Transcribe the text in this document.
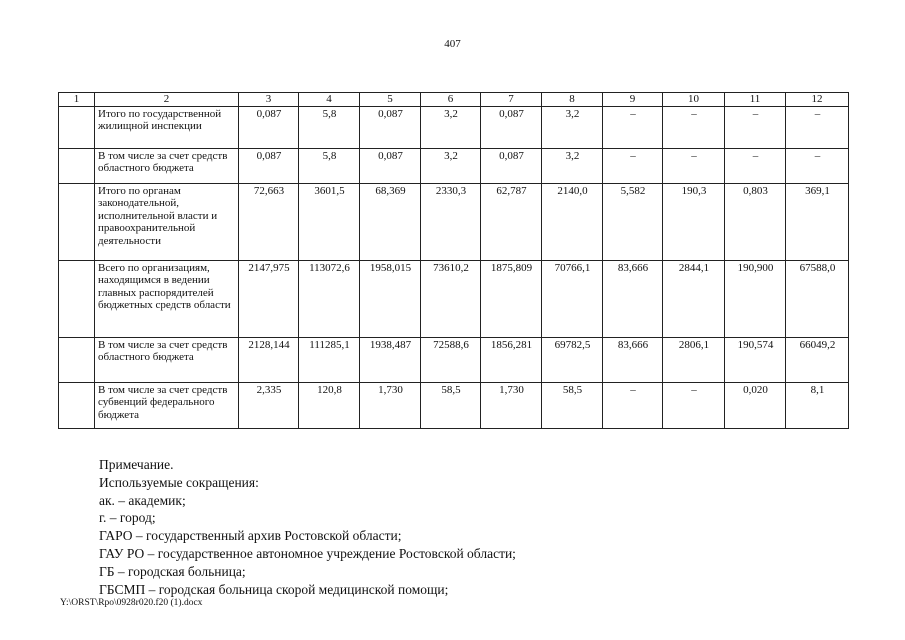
407
1	2	3	4	5	6	7	8	9	10	11	12
	Итого по государственной жилищной инспекции	0,087	5,8	0,087	3,2	0,087	3,2	–	–	–	–
	В том числе за счет средств областного бюджета	0,087	5,8	0,087	3,2	0,087	3,2	–	–	–	–
	Итого по органам законодательной, исполнительной власти и правоохранительной деятельности	72,663	3601,5	68,369	2330,3	62,787	2140,0	5,582	190,3	0,803	369,1
	Всего по организациям, находящимся в ведении главных распорядителей бюджетных средств области	2147,975	113072,6	1958,015	73610,2	1875,809	70766,1	83,666	2844,1	190,900	67588,0
	В том числе за счет средств областного бюджета	2128,144	111285,1	1938,487	72588,6	1856,281	69782,5	83,666	2806,1	190,574	66049,2
	В том числе за счет средств субвенций федерального бюджета	2,335	120,8	1,730	58,5	1,730	58,5	–	–	0,020	8,1
Примечание.
Используемые сокращения:
ак. – академик;
г. – город;
ГАРО – государственный архив Ростовской области;
ГАУ РО – государственное автономное учреждение Ростовской области;
ГБ – городская больница;
ГБСМП – городская больница скорой медицинской помощи;
Y:\ORST\Rpo\0928r020.f20 (1).docx
